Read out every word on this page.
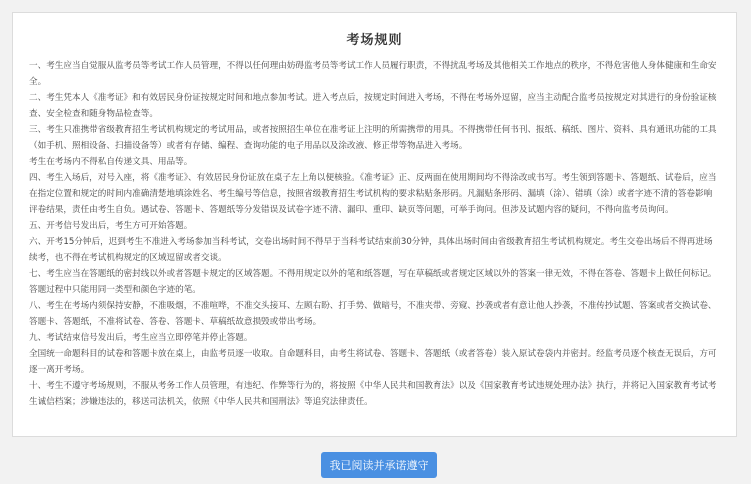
考场规则

一、考生应当自觉服从监考员等考试工作人员管理，不得以任何理由妨碍监考员等考试工作人员履行职责，不得扰乱考场及其他相关工作地点的秩序，不得危害他人身体健康和生命安全。

二、考生凭本人《准考证》和有效居民身份证按规定时间和地点参加考试。进入考点后，按规定时间进入考场，不得在考场外逗留，应当主动配合监考员按规定对其进行的身份验证核查、安全检查和随身物品检查等。

三、考生只准携带省级教育招生考试机构规定的考试用品，或者按照招生单位在准考证上注明的所需携带的用具。不得携带任何书刊、报纸、稿纸、图片、资料、具有通讯功能的工具（如手机、照相设备、扫描设备等）或者有存储、编程、查询功能的电子用品以及涂改液、修正带等物品进入考场。

考生在考场内不得私自传递文具、用品等。

四、考生入场后，对号入座，将《准考证》、有效居民身份证放在桌子左上角以便核验。《准考证》正、反两面在使用期间均不得涂改或书写。考生领到答题卡、答题纸、试卷后，应当在指定位置和规定的时间内准确清楚地填涂姓名、考生编号等信息，按照省级教育招生考试机构的要求粘贴条形码。凡漏贴条形码、漏填（涂）、错填（涂）或者字迹不清的答卷影响评卷结果，责任由考生自负。遇试卷、答题卡、答题纸等分发错误及试卷字迹不清、漏印、重印、缺页等问题，可举手询问。但涉及试题内容的疑问，不得向监考员询问。

五、开考信号发出后，考生方可开始答题。

六、开考15分钟后，迟到考生不准进入考场参加当科考试，交卷出场时间不得早于当科考试结束前30分钟，具体出场时间由省级教育招生考试机构规定。考生交卷出场后不得再进场续考，也不得在考试机构规定的区域逗留或者交谈。

七、考生应当在答题纸的密封线以外或者答题卡规定的区域答题。不得用规定以外的笔和纸答题，写在草稿纸或者规定区域以外的答案一律无效，不得在答卷、答题卡上做任何标记。答题过程中只能用同一类型和颜色字迹的笔。

八、考生在考场内须保持安静，不准吸烟，不准喧哗，不准交头接耳、左顾右盼、打手势、做暗号，不准夹带、旁窥、抄袭或者有意让他人抄袭，不准传抄试题、答案或者交换试卷、答题卡、答题纸，不准将试卷、答卷、答题卡、草稿纸故意损毁或带出考场。

九、考试结束信号发出后，考生应当立即停笔并停止答题。

全国统一命题科目的试卷和答题卡放在桌上，由监考员逐一收取。自命题科目，由考生将试卷、答题卡、答题纸（或者答卷）装入原试卷袋内并密封。经监考员逐个核查无误后，方可逐一离开考场。

十、考生不遵守考场规则，不服从考务工作人员管理，有违纪、作弊等行为的，将按照《中华人民共和国教育法》以及《国家教育考试违规处理办法》执行，并将记入国家教育考试考生诚信档案；涉嫌违法的，移送司法机关，依照《中华人民共和国刑法》等追究法律责任。

我已阅读并承诺遵守
